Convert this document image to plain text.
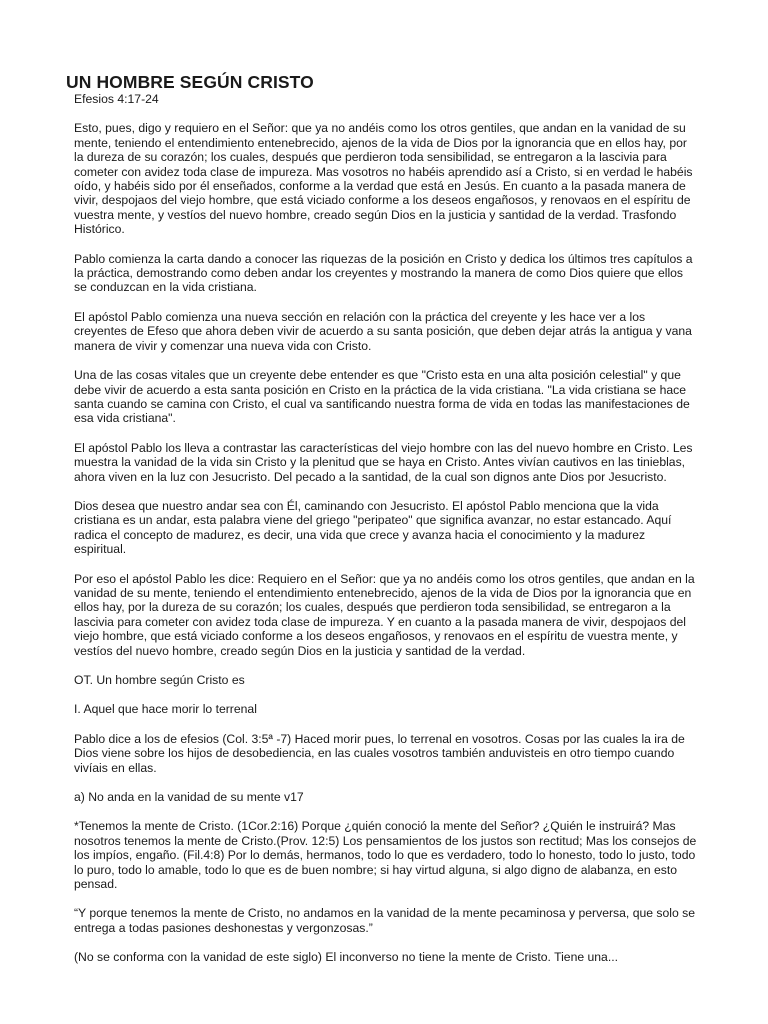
UN HOMBRE SEGÚN CRISTO
Efesios 4:17-24

Esto, pues, digo y requiero en el Señor: que ya no andéis como los otros gentiles, que andan en la vanidad de su mente, teniendo el entendimiento entenebrecido, ajenos de la vida de Dios por la ignorancia que en ellos hay, por la dureza de su corazón; los cuales, después que perdieron toda sensibilidad, se entregaron a la lascivia para cometer con avidez toda clase de impureza. Mas vosotros no habéis aprendido así a Cristo, si en verdad le habéis oído, y habéis sido por él enseñados, conforme a la verdad que está en Jesús. En cuanto a la pasada manera de vivir, despojaos del viejo hombre, que está viciado conforme a los deseos engañosos, y renovaos en el espíritu de vuestra mente, y vestíos del nuevo hombre, creado según Dios en la justicia y santidad de la verdad. Trasfondo Histórico.

Pablo comienza la carta dando a conocer las riquezas de la posición en Cristo y dedica los últimos tres capítulos a la práctica, demostrando como deben andar los creyentes y mostrando la manera de como Dios quiere que ellos se conduzcan en la vida cristiana.

El apóstol Pablo comienza una nueva sección en relación con la práctica del creyente y les hace ver a los creyentes de Efeso que ahora deben vivir de acuerdo a su santa posición, que deben dejar atrás la antigua y vana manera de vivir y comenzar una nueva vida con Cristo.

Una de las cosas vitales que un creyente debe entender es que "Cristo esta en una alta posición celestial" y que debe vivir de acuerdo a esta santa posición en Cristo en la práctica de la vida cristiana. "La vida cristiana se hace santa cuando se camina con Cristo, el cual va santificando nuestra forma de vida en todas las manifestaciones de esa vida cristiana".

El apóstol Pablo los lleva a contrastar las características del viejo hombre con las del nuevo hombre en Cristo. Les muestra la vanidad de la vida sin Cristo y la plenitud que se haya en Cristo. Antes vivían cautivos en las tinieblas, ahora viven en la luz con Jesucristo. Del pecado a la santidad, de la cual son dignos ante Dios por Jesucristo.

Dios desea que nuestro andar sea con Él, caminando con Jesucristo. El apóstol Pablo menciona que la vida cristiana es un andar, esta palabra viene del griego "peripateo" que significa avanzar, no estar estancado. Aquí radica el concepto de madurez, es decir, una vida que crece y avanza hacia el conocimiento y la madurez espiritual.

Por eso el apóstol Pablo les dice: Requiero en el Señor: que ya no andéis como los otros gentiles, que andan en la vanidad de su mente, teniendo el entendimiento entenebrecido, ajenos de la vida de Dios por la ignorancia que en ellos hay, por la dureza de su corazón; los cuales, después que perdieron toda sensibilidad, se entregaron a la lascivia para cometer con avidez toda clase de impureza. Y en cuanto a la pasada manera de vivir, despojaos del viejo hombre, que está viciado conforme a los deseos engañosos, y renovaos en el espíritu de vuestra mente, y vestíos del nuevo hombre, creado según Dios en la justicia y santidad de la verdad.

OT. Un hombre según Cristo es

I. Aquel que hace morir lo terrenal

Pablo dice a los de efesios (Col. 3:5ª -7) Haced morir pues, lo terrenal en vosotros. Cosas por las cuales la ira de Dios viene sobre los hijos de desobediencia, en las cuales vosotros también anduvisteis en otro tiempo cuando vivíais en ellas.

a) No anda en la vanidad de su mente v17

*Tenemos la mente de Cristo. (1Cor.2:16) Porque ¿quién conoció la mente del Señor? ¿Quién le instruirá? Mas nosotros tenemos la mente de Cristo.(Prov. 12:5) Los pensamientos de los justos son rectitud; Mas los consejos de los impíos, engaño. (Fil.4:8) Por lo demás, hermanos, todo lo que es verdadero, todo lo honesto, todo lo justo, todo lo puro, todo lo amable, todo lo que es de buen nombre; si hay virtud alguna, si algo digno de alabanza, en esto pensad.

“Y porque tenemos la mente de Cristo, no andamos en la vanidad de la mente pecaminosa y perversa, que solo se entrega a todas pasiones deshonestas y vergonzosas.”

(No se conforma con la vanidad de este siglo) El inconverso no tiene la mente de Cristo. Tiene una...
